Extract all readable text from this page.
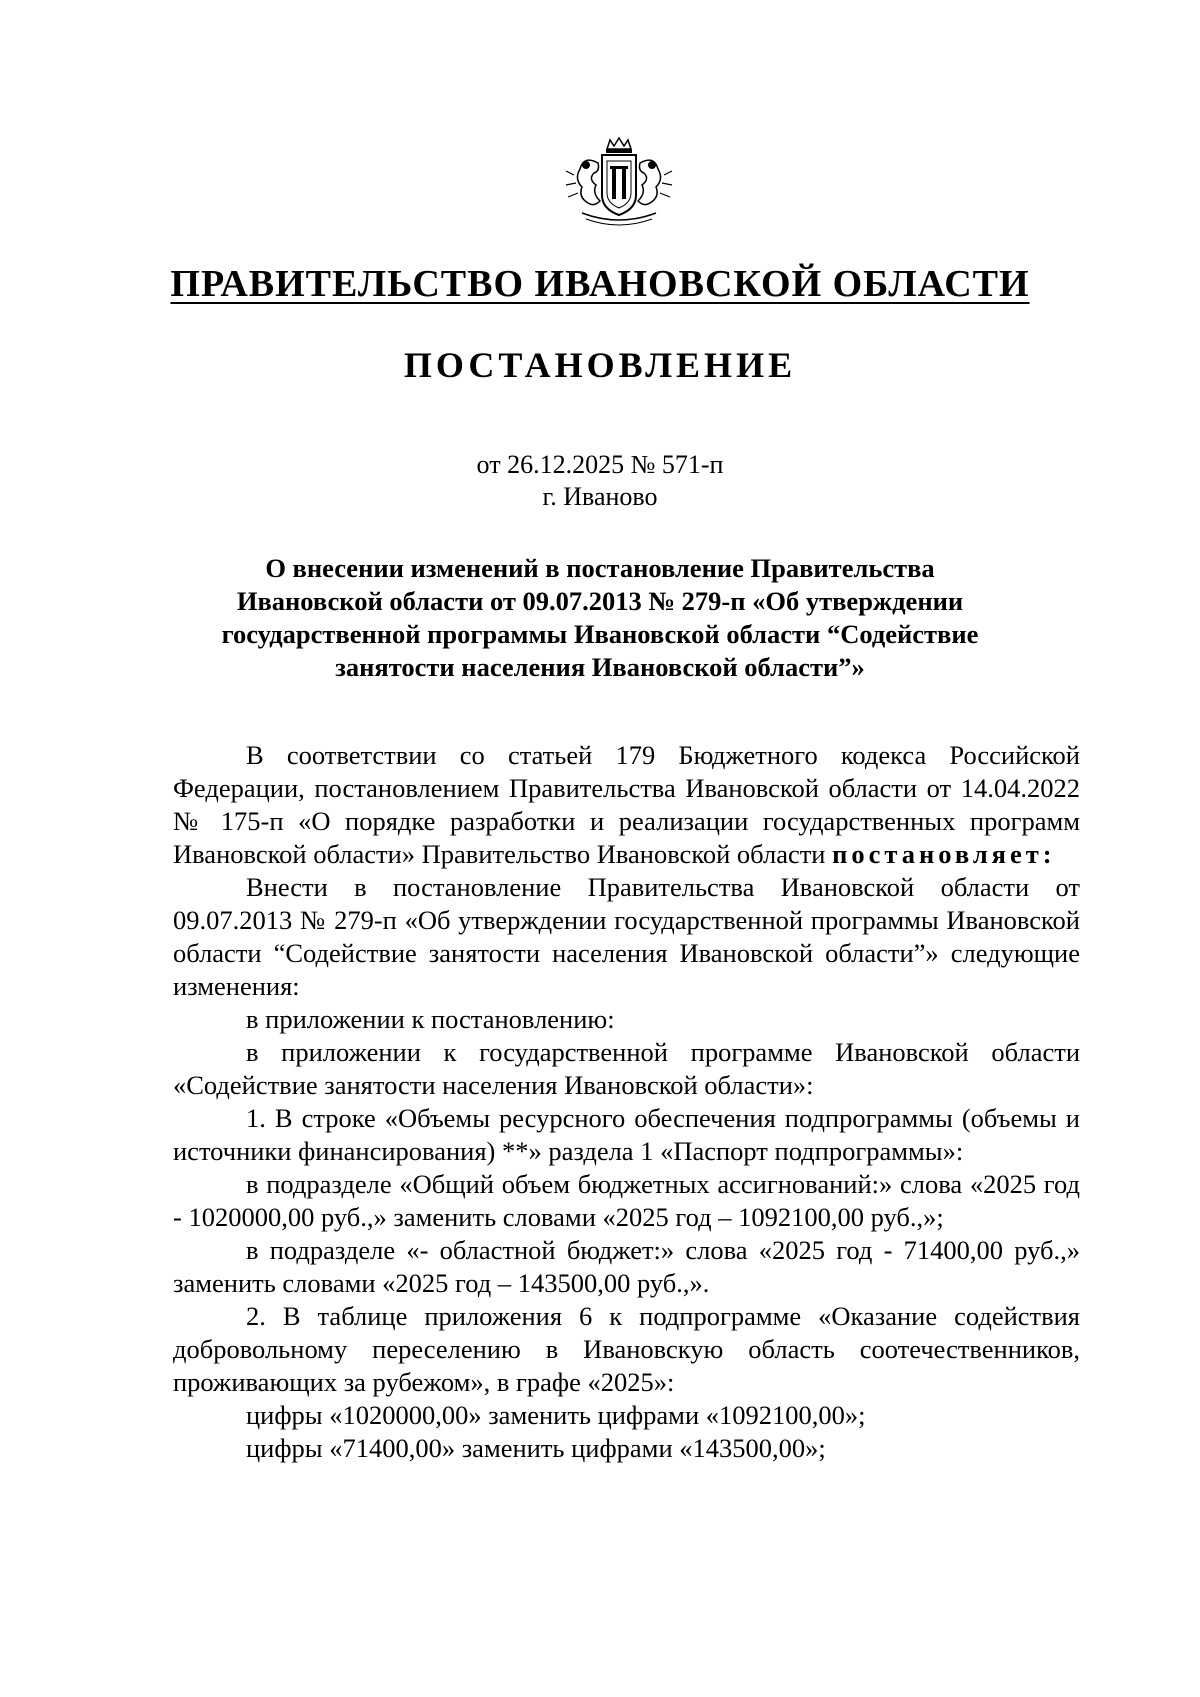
ПРАВИТЕЛЬСТВО ИВАНОВСКОЙ ОБЛАСТИ
ПОСТАНОВЛЕНИЕ
от 26.12.2025 № 571-п
г. Иваново
О внесении изменений в постановление Правительства
Ивановской области от 09.07.2013 № 279-п «Об утверждении
государственной программы Ивановской области “Содействие
занятости населения Ивановской области”»

В соответствии со статьей 179 Бюджетного кодекса Российской Федерации, постановлением Правительства Ивановской области от 14.04.2022 № 175-п «О порядке разработки и реализации государственных программ Ивановской области» Правительство Ивановской области постановляет:

Внести в постановление Правительства Ивановской области от 09.07.2013 № 279-п «Об утверждении государственной программы Ивановской области “Содействие занятости населения Ивановской области”» следующие изменения:

в приложении к постановлению:

в приложении к государственной программе Ивановской области «Содействие занятости населения Ивановской области»:

1. В строке «Объемы ресурсного обеспечения подпрограммы (объемы и источники финансирования) **» раздела 1 «Паспорт подпрограммы»:

в подразделе «Общий объем бюджетных ассигнований:» слова «2025 год - 1020000,00 руб.,» заменить словами «2025 год – 1092100,00 руб.,»;

в подразделе «- областной бюджет:» слова «2025 год - 71400,00 руб.,» заменить словами «2025 год – 143500,00 руб.,».

2. В таблице приложения 6 к подпрограмме «Оказание содействия добровольному переселению в Ивановскую область соотечественников, проживающих за рубежом», в графе «2025»:

цифры «1020000,00» заменить цифрами «1092100,00»;

цифры «71400,00» заменить цифрами «143500,00»;
